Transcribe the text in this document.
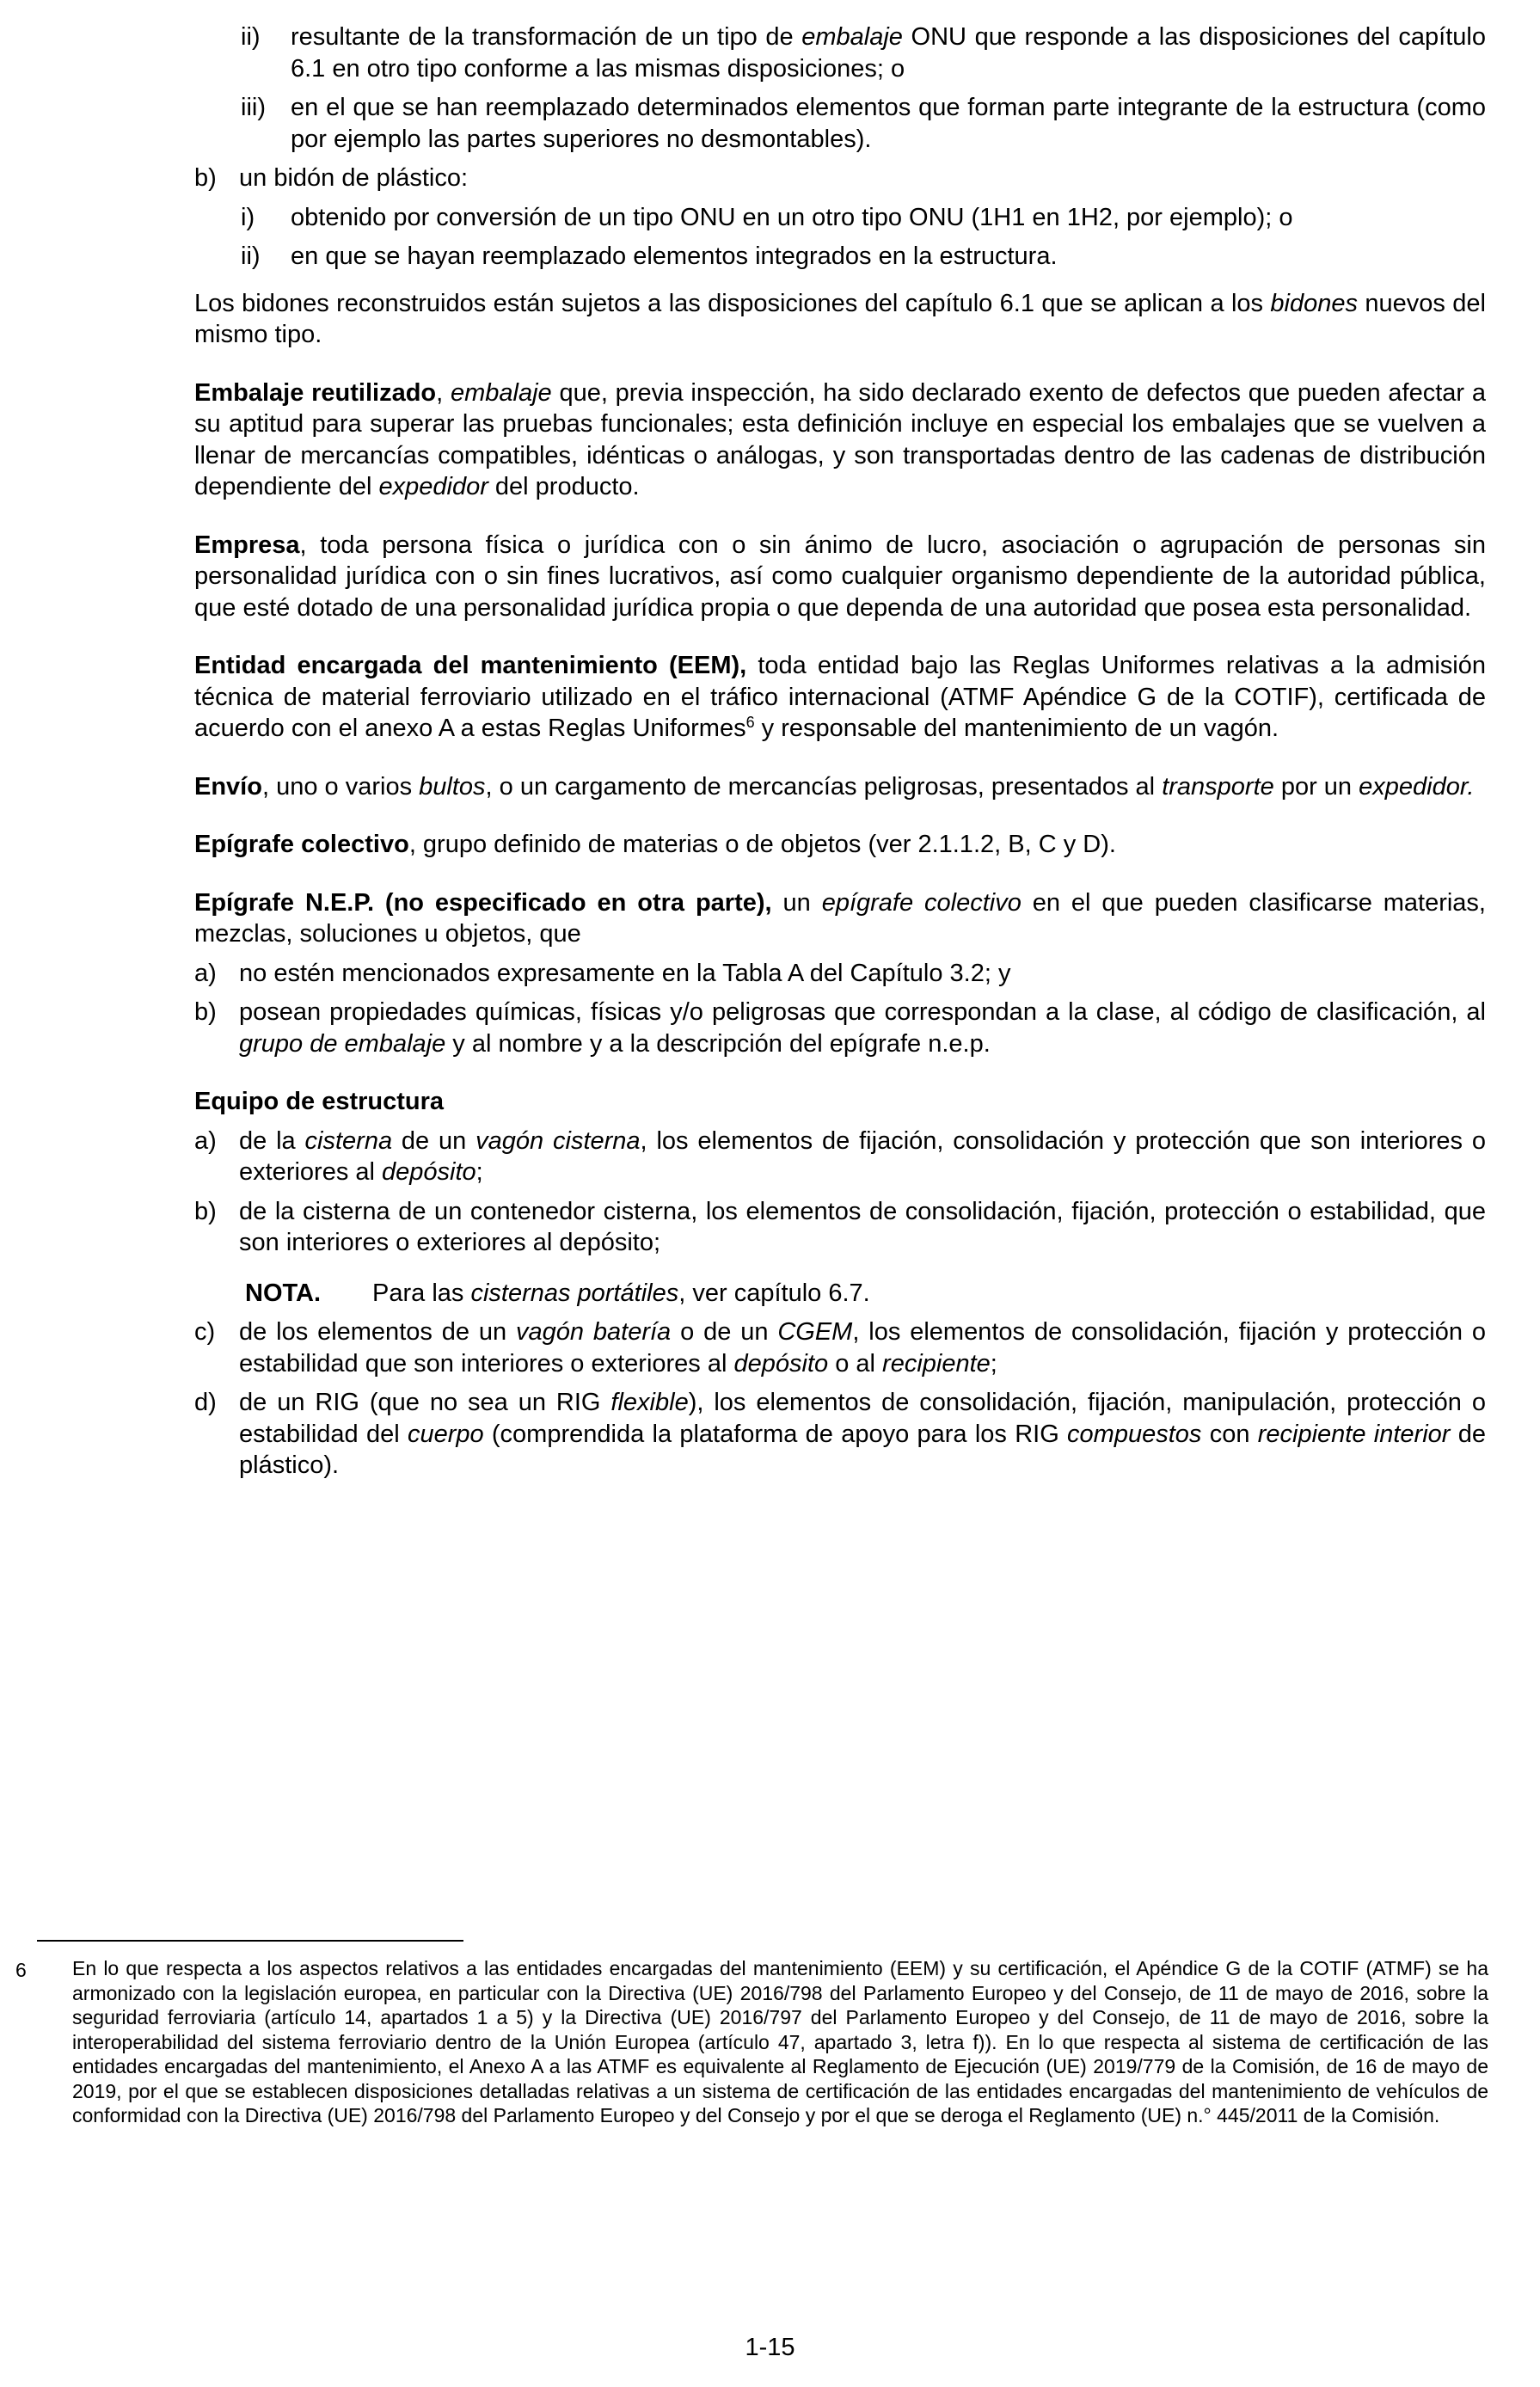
ii)	resultante de la transformación de un tipo de embalaje ONU que responde a las disposiciones del capítulo 6.1 en otro tipo conforme a las mismas disposiciones; o
iii)	en el que se han reemplazado determinados elementos que forman parte integrante de la estructura (como por ejemplo las partes superiores no desmontables).
b) un bidón de plástico:
i)	obtenido por conversión de un tipo ONU en un otro tipo ONU (1H1 en 1H2, por ejemplo); o
ii)	en que se hayan reemplazado elementos integrados en la estructura.

Los bidones reconstruidos están sujetos a las disposiciones del capítulo 6.1 que se aplican a los bidones nuevos del mismo tipo.

Embalaje reutilizado, embalaje que, previa inspección, ha sido declarado exento de defectos que pueden afectar a su aptitud para superar las pruebas funcionales; esta definición incluye en especial los embalajes que se vuelven a llenar de mercancías compatibles, idénticas o análogas, y son transportadas dentro de las cadenas de distribución dependiente del expedidor del producto.

Empresa, toda persona física o jurídica con o sin ánimo de lucro, asociación o agrupación de personas sin personalidad jurídica con o sin fines lucrativos, así como cualquier organismo dependiente de la autoridad pública, que esté dotado de una personalidad jurídica propia o que dependa de una autoridad que posea esta personalidad.

Entidad encargada del mantenimiento (EEM), toda entidad bajo las Reglas Uniformes relativas a la admisión técnica de material ferroviario utilizado en el tráfico internacional (ATMF Apéndice G de la COTIF), certificada de acuerdo con el anexo A a estas Reglas Uniformes$^6$ y responsable del mantenimiento de un vagón.

Envío, uno o varios bultos, o un cargamento de mercancías peligrosas, presentados al transporte por un expedidor.

Epígrafe colectivo, grupo definido de materias o de objetos (ver 2.1.1.2, B, C y D).

Epígrafe N.E.P. (no especificado en otra parte), un epígrafe colectivo en el que pueden clasificarse materias, mezclas, soluciones u objetos, que

a) no estén mencionados expresamente en la Tabla A del Capítulo 3.2; y
b) posean propiedades químicas, físicas y/o peligrosas que correspondan a la clase, al código de clasificación, al grupo de embalaje y al nombre y a la descripción del epígrafe n.e.p.

Equipo de estructura

a) de la cisterna de un vagón cisterna, los elementos de fijación, consolidación y protección que son interiores o exteriores al depósito;
b) de la cisterna de un contenedor cisterna, los elementos de consolidación, fijación, protección o estabilidad, que son interiores o exteriores al depósito;
NOTA.	Para las cisternas portátiles, ver capítulo 6.7.
c) de los elementos de un vagón batería o de un CGEM, los elementos de consolidación, fijación y protección o estabilidad que son interiores o exteriores al depósito o al recipiente;
d) de un RIG (que no sea un RIG flexible), los elementos de consolidación, fijación, manipulación, protección o estabilidad del cuerpo (comprendida la plataforma de apoyo para los RIG compuestos con recipiente interior de plástico).
6	En lo que respecta a los aspectos relativos a las entidades encargadas del mantenimiento (EEM) y su certificación, el Apéndice G de la COTIF (ATMF) se ha armonizado con la legislación europea, en particular con la Directiva (UE) 2016/798 del Parlamento Europeo y del Consejo, de 11 de mayo de 2016, sobre la seguridad ferroviaria (artículo 14, apartados 1 a 5) y la Directiva (UE) 2016/797 del Parlamento Europeo y del Consejo, de 11 de mayo de 2016, sobre la interoperabilidad del sistema ferroviario dentro de la Unión Europea (artículo 47, apartado 3, letra f)). En lo que respecta al sistema de certificación de las entidades encargadas del mantenimiento, el Anexo A a las ATMF es equivalente al Reglamento de Ejecución (UE) 2019/779 de la Comisión, de 16 de mayo de 2019, por el que se establecen disposiciones detalladas relativas a un sistema de certificación de las entidades encargadas del mantenimiento de vehículos de conformidad con la Directiva (UE) 2016/798 del Parlamento Europeo y del Consejo y por el que se deroga el Reglamento (UE) n.° 445/2011 de la Comisión.
1-15
